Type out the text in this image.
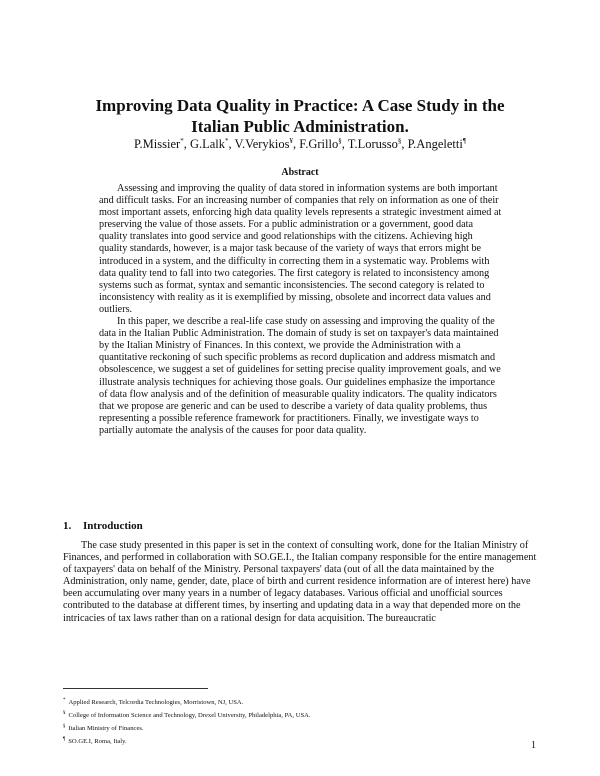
Improving Data Quality in Practice: A Case Study in the
Italian Public Administration.
P.Missier*, G.Lalk*, V.Verykios¥, F.Grillo§, T.Lorusso§, P.Angeletti¶
Abstract

Assessing and improving the quality of data stored in information systems are both important and difficult tasks. For an increasing number of companies that rely on information as one of their most important assets, enforcing high data quality levels represents a strategic investment aimed at preserving the value of those assets. For a public administration or a government, good data quality translates into good service and good relationships with the citizens. Achieving high quality standards, however, is a major task because of the variety of ways that errors might be introduced in a system, and the difficulty in correcting them in a systematic way. Problems with data quality tend to fall into two categories. The first category is related to inconsistency among systems such as format, syntax and semantic inconsistencies. The second category is related to inconsistency with reality as it is exemplified by missing, obsolete and incorrect data values and outliers.

In this paper, we describe a real-life case study on assessing and improving the quality of the data in the Italian Public Administration. The domain of study is set on taxpayer's data maintained by the Italian Ministry of Finances. In this context, we provide the Administration with a quantitative reckoning of such specific problems as record duplication and address mismatch and obsolescence, we suggest a set of guidelines for setting precise quality improvement goals, and we illustrate analysis techniques for achieving those goals. Our guidelines emphasize the importance of data flow analysis and of the definition of measurable quality indicators. The quality indicators that we propose are generic and can be used to describe a variety of data quality problems, thus representing a possible reference framework for practitioners. Finally, we investigate ways to partially automate the analysis of the causes for poor data quality.

1. Introduction

The case study presented in this paper is set in the context of consulting work, done for the Italian Ministry of Finances, and performed in collaboration with SO.GE.I., the Italian company responsible for the entire management of taxpayers' data on behalf of the Ministry. Personal taxpayers' data (out of all the data maintained by the Administration, only name, gender, date, place of birth and current residence information are of interest here) have been accumulating over many years in a number of legacy databases. Various official and unofficial sources contributed to the database at different times, by inserting and updating data in a way that depended more on the intricacies of tax laws rather than on a rational design for data acquisition. The bureaucratic

* Applied Research, Telcordia Technologies, Morristown, NJ, USA.
¥ College of Information Science and Technology, Drexel University, Philadelphia, PA, USA.
§ Italian Ministry of Finances.
¶ SO.GE.I, Roma, Italy.	1
